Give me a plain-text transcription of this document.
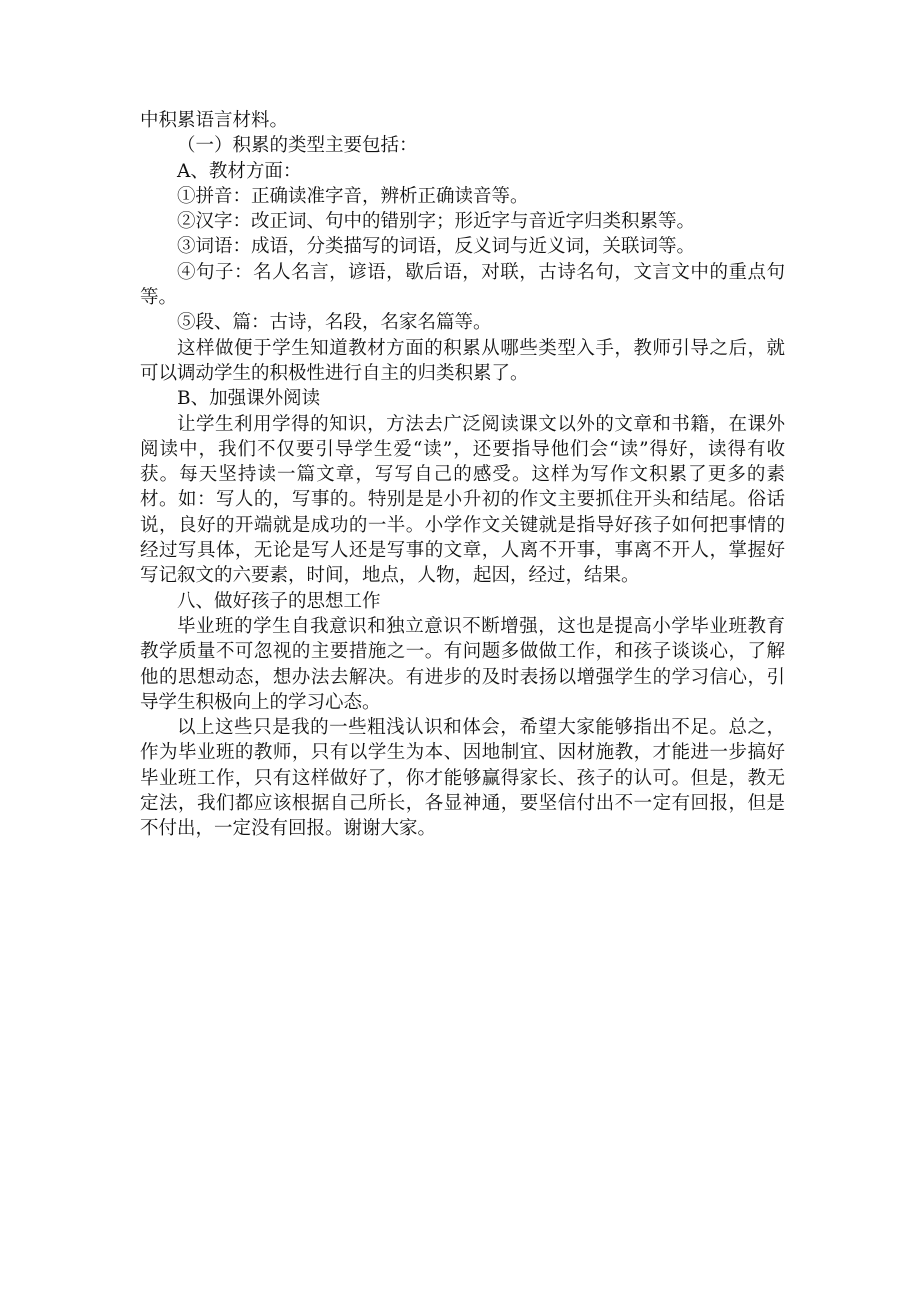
中积累语言材料。

（一）积累的类型主要包括：

A、教材方面：

①拼音：正确读准字音，辨析正确读音等。

②汉字：改正词、句中的错别字；形近字与音近字归类积累等。

③词语：成语，分类描写的词语，反义词与近义词，关联词等。

④句子：名人名言，谚语，歇后语，对联，古诗名句，文言文中的重点句等。

⑤段、篇：古诗，名段，名家名篇等。

这样做便于学生知道教材方面的积累从哪些类型入手，教师引导之后，就可以调动学生的积极性进行自主的归类积累了。

B、加强课外阅读

让学生利用学得的知识，方法去广泛阅读课文以外的文章和书籍，在课外阅读中，我们不仅要引导学生爱“读”，还要指导他们会“读”得好，读得有收获。每天坚持读一篇文章，写写自己的感受。这样为写作文积累了更多的素材。如：写人的，写事的。特别是是小升初的作文主要抓住开头和结尾。俗话说，良好的开端就是成功的一半。小学作文关键就是指导好孩子如何把事情的经过写具体，无论是写人还是写事的文章，人离不开事，事离不开人，掌握好写记叙文的六要素，时间，地点，人物，起因，经过，结果。

八、做好孩子的思想工作

毕业班的学生自我意识和独立意识不断增强，这也是提高小学毕业班教育教学质量不可忽视的主要措施之一。有问题多做做工作，和孩子谈谈心，了解他的思想动态，想办法去解决。有进步的及时表扬以增强学生的学习信心，引导学生积极向上的学习心态。

以上这些只是我的一些粗浅认识和体会，希望大家能够指出不足。总之，作为毕业班的教师，只有以学生为本、因地制宜、因材施教，才能进一步搞好毕业班工作，只有这样做好了，你才能够赢得家长、孩子的认可。但是，教无定法，我们都应该根据自己所长，各显神通，要坚信付出不一定有回报，但是不付出，一定没有回报。谢谢大家。
